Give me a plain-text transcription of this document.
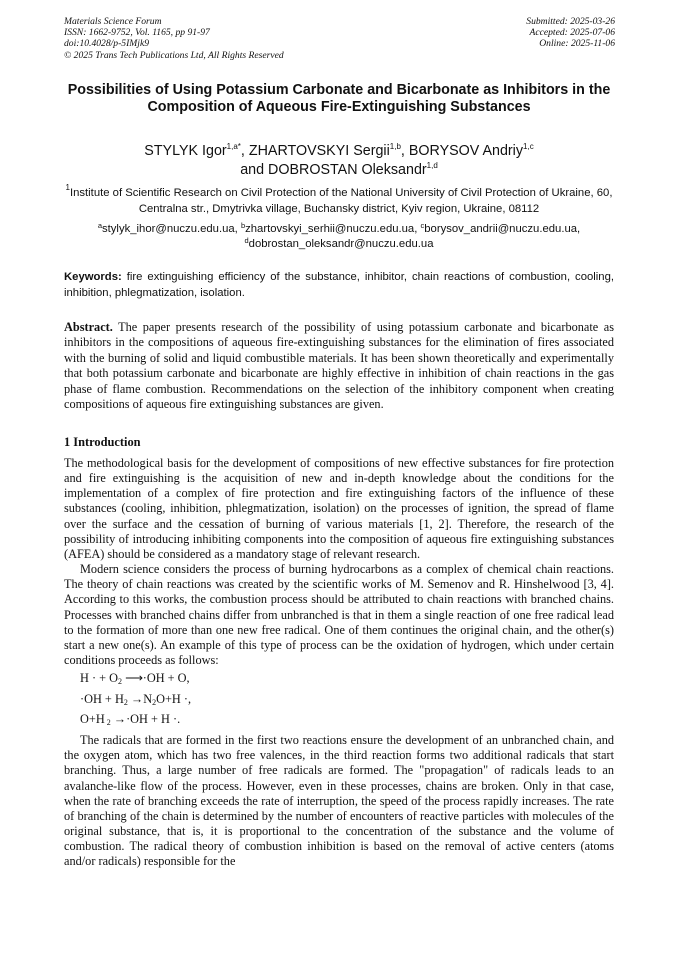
Materials Science Forum
ISSN: 1662-9752, Vol. 1165, pp 91-97
doi:10.4028/p-5IMjk9
© 2025 Trans Tech Publications Ltd, All Rights Reserved
Submitted: 2025-03-26
Accepted: 2025-07-06
Online: 2025-11-06
Possibilities of Using Potassium Carbonate and Bicarbonate as Inhibitors in the Composition of Aqueous Fire-Extinguishing Substances
STYLYK Igor$^{1,a*}$, ZHARTOVSKYI Sergii$^{1,b}$, BORYSOV Andriy$^{1,c}$
and DOBROSTAN Oleksandr$^{1,d}$
$^1$Institute of Scientific Research on Civil Protection of the National University of Civil Protection of Ukraine, 60, Centralna str., Dmytrivka village, Buchansky district, Kyiv region, Ukraine, 08112
$^a$stylyk_ihor@nuczu.edu.ua, $^b$zhartovskyi_serhii@nuczu.edu.ua, $^c$borysov_andrii@nuczu.edu.ua,
$^d$dobrostan_oleksandr@nuczu.edu.ua
Keywords: fire extinguishing efficiency of the substance, inhibitor, chain reactions of combustion, cooling, inhibition, phlegmatization, isolation.
Abstract. The paper presents research of the possibility of using potassium carbonate and bicarbonate as inhibitors in the compositions of aqueous fire-extinguishing substances for the elimination of fires associated with the burning of solid and liquid combustible materials. It has been shown theoretically and experimentally that both potassium carbonate and bicarbonate are highly effective in inhibition of chain reactions in the gas phase of flame combustion. Recommendations on the selection of the inhibitory component when creating compositions of aqueous fire extinguishing substances are given.
1 Introduction

The methodological basis for the development of compositions of new effective substances for fire protection and fire extinguishing is the acquisition of new and in-depth knowledge about the conditions for the implementation of a complex of fire protection and fire extinguishing factors of the influence of these substances (cooling, inhibition, phlegmatization, isolation) on the processes of ignition, the spread of flame over the surface and the cessation of burning of various materials [1, 2]. Therefore, the research of the possibility of introducing inhibiting components into the composition of aqueous fire extinguishing substances (AFEA) should be considered as a mandatory stage of relevant research.

Modern science considers the process of burning hydrocarbons as a complex of chemical chain reactions. The theory of chain reactions was created by the scientific works of M. Semenov and R. Hinshelwood [3, 4]. According to this works, the combustion process should be attributed to chain reactions with branched chains. Processes with branched chains differ from unbranched is that in them a single reaction of one free radical lead to the formation of more than one new free radical. One of them continues the original chain, and the other(s) start a new one(s). An example of this type of process can be the oxidation of hydrogen, which under certain conditions proceeds as follows:

H · + $O_2$ ⟶·OH + O,
$\cdot OH + H_2 \to N_2O+H$ ·,
O+H $_2$ →·OH + H ·.

The radicals that are formed in the first two reactions ensure the development of an unbranched chain, and the oxygen atom, which has two free valences, in the third reaction forms two additional radicals that start branching. Thus, a large number of free radicals are formed. The "propagation" of radicals leads to an avalanche-like flow of the process. However, even in these processes, chains are broken. Only in that case, when the rate of branching exceeds the rate of interruption, the speed of the process rapidly increases. The rate of branching of the chain is determined by the number of encounters of reactive particles with molecules of the original substance, that is, it is proportional to the concentration of the substance and the volume of combustion. The radical theory of combustion inhibition is based on the removal of active centers (atoms and/or radicals) responsible for the
